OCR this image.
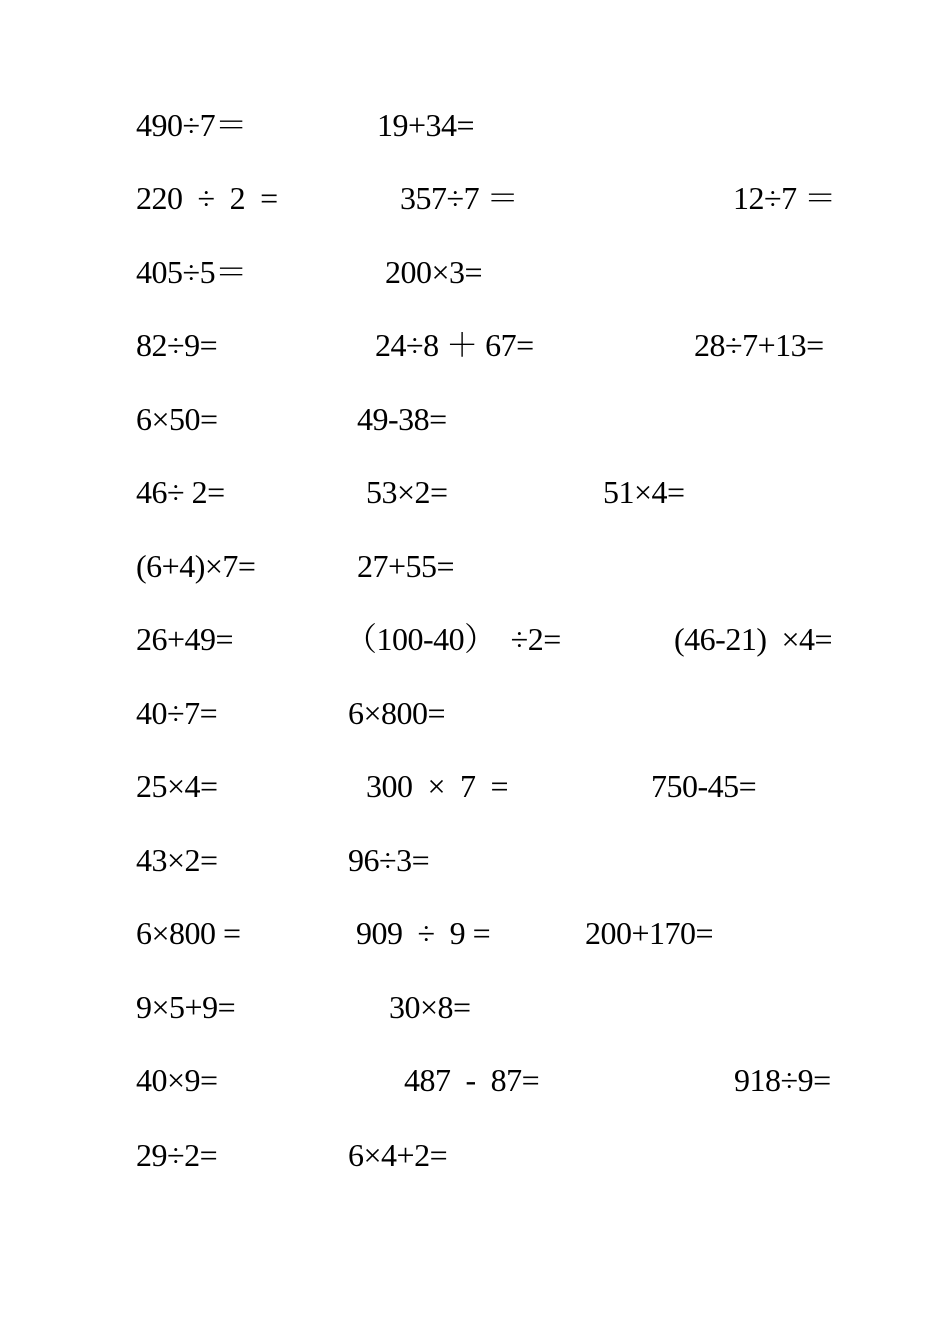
490÷7＝	19+34=
220  ÷  2  =	357÷7 ＝	12÷7 ＝
405÷5＝	200×3=
82÷9=	24÷8 ＋ 67=	28÷7+13=
6×50=	49-38=
46÷ 2=	53×2=	51×4=
(6+4)×7=	27+55=
26+49=	（100-40）  ÷2=	(46-21)  ×4=
40÷7=	6×800=
25×4=	300  ×  7  =	750-45=
43×2=	96÷3=
6×800 =	909  ÷  9 =	200+170=
9×5+9=	30×8=
40×9=	487  -  87=	918÷9=
29÷2=	6×4+2=
